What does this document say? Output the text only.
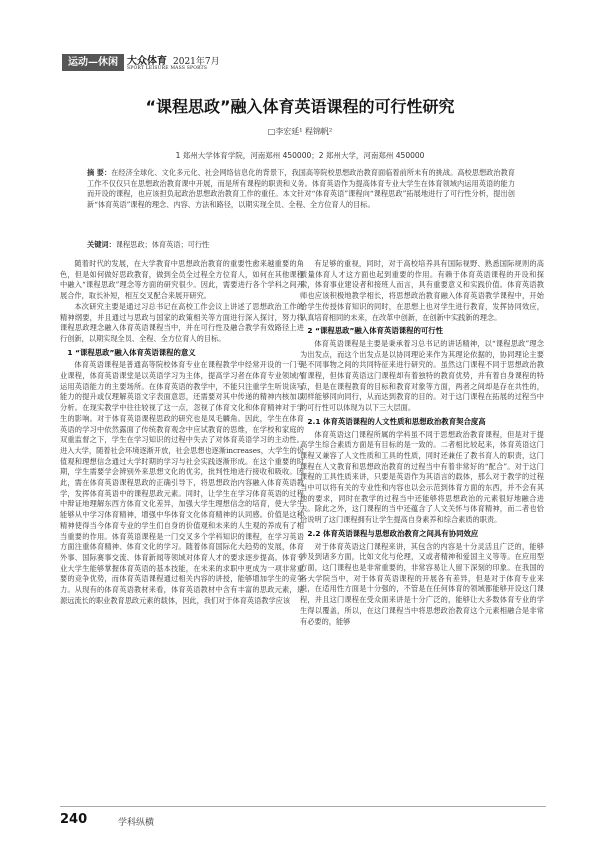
运动—休闲 大众体育 2021年7月
SPORT LEISURE MASS SPORTS
“课程思政”融入体育英语课程的可行性研究
□李宏延¹ 程锦帆²
1 郑州大学体育学院，河南郑州 450000；2 郑州大学，河南郑州 450000
摘 要：在经济全球化、文化多元化、社会网络信息化的背景下，我国高等院校思想政治教育面临着前所未有的挑战。高校思想政治教育工作不仅仅只在思想政治教育课中开展，而是所有课程的职责和义务。体育英语作为提高体育专业大学生在体育领域内运用英语的能力而开设的课程，也应该担负起政治思想政治教育工作的重任。本文针对“体育英语”课程向“课程思政”拓展地进行了可行性分析，提出创新“体育英语”课程的理念、内容、方法和路径，以期实现全员、全程、全方位育人的目标。
关键词：课程思政；体育英语；可行性

随着时代的发展，在大学教育中思想政治教育的重要性愈来越重要的角色，但是如何做好思政教育，做到全员全过程全方位育人，如何在其他课程中融入“课程思政”理念等方面的研究很少。因此，需要进行各个学科之间开展合作，取长补短，相互交叉配合来展开研究。

本次研究主要是通过习总书记在高校工作会议上讲述了思想政治工作的精神纲要，并且通过与思政与国家的政策相关等方面进行深入探讨，努力将课程思政理念融入体育英语课程当中，并在可行性及融合教学有效路径上进行创新，以期实现全员、全程、全方位育人的目标。

1 “课程思政”融入体育英语课程的意义

体育英语课程是普通高等院校体育专业在课程教学中经常开设的一门专业课程，体育英语课堂是以英语学习为主体，提高学习者在体育专业领域内运用英语能力的主要场所。在体育英语的教学中，不能只注重学生听说读写能力的提升或仅理解英语文字表面意思，还需要对其中传递的精神内核加以分析。在现实教学中往往较视了这一点，忽视了体育文化和体育精神对于学生的影响。对于体育英语课程思政的研究也是凤毛麟角。因此，学生在体育英语的学习中依然露面了传统教育观念中应试教育的思维，在学校和家庭的双重监督之下，学生在学习知识的过程中失去了对体育英语学习的主动性。进入大学，随着社会环境逐渐开放，社会思想也逐渐increases，大学生的价值观和理想信念通过大学时期的学习与社会实践逐渐形成。在这个重要的时期，学生需要学会辨别外来思想文化的优劣，批判性地进行接收和吸收。因此，需在体育英语课程思政的正确引导下，将思想政治内容融入体育英语教学，发挥体育英语中的课程思政元素。同时，让学生在学习体育英语的过程中辩证地理解东西方体育文化差异，加强大学生理想信念的培育，使大学生能够从中学习体育精神，增强中华体育文化体育精神的认同感。价值是这种精神使得当今体育专业的学生们自身的价值观和未来的人生观的养成有了相当重要的作用。体育英语课程是一门交叉多个学科知识的课程，在学习英语方面注重体育精神、体育文化的学习。随着体育国际化大趋势的发展，体育外事、国际赛事交流、体育新闻等领域对体育人才的要求逐步提高。体育专业大学生能够掌握体育英语的基本技能，在未来的求职中更成为一项非常重要的竞争优势，而体育英语课程通过相关内容的讲授，能够增加学生的竞争力。从现有的体育英语教材来看，体育英语教材中含有丰富的思政元素，是源远流长的职业教育思政元素的载体，因此，我们对于体育英语教学应该

有足够的重视，同时，对于高校培养具有国际视野、熟悉国际规则的高质量体育人才这方面也起到重要的作用。有赖于体育英语课程的开设和探索，体育事业建设者和接班人而言，具有重要意义和实践价值。体育英语教师也应该积极地教学相长，将思想政治教育融入体育英语教学课程中，开始给学生传授体育知识的同时，在思想上也对学生进行教育，发挥协同效应，认真培育相同的未来，在改革中创新，在创新中实践新的理念。

2 “课程思政”融入体育英语课程的可行性

体育英语课程是主要是秉承着习总书记的讲话精神，以“课程思政”理念为出发点，而这个出发点是以协同理论来作为其理论依据的，协同理论主要是不同事物之间的共同特征来进行研究的。虽然这门课程不同于思想政治教育课程，但体育英语这门课程却有着独特的教育优势，并有着自身课程的特点，但是在课程教育的目标和教育对象等方面，两者之间却是存在共性的，同样能够同向同行，从而达到教育的目的。对于这门课程在拓展的过程当中的可行性可以体现为以下三大层面。

2.1 体育英语课程的人文性质和思想政治教育契合度高

体育英语这门课程所属的学科虽不同于思想政治教育课程，但是对于提高学生综合素质方面是有目标的是一致的。二者相比较起来，体育英语这门课程又兼容了人文性质和工具的性质，同时还兼任了教书育人的职责，这门课程在人文教育和思想政治教育的过程当中有着非常好的“配合”。对于这门课程的工具性质来讲，只要是英语作为其语言的载体，那么对于教学的过程当中可以将有关的专业性和内容也以会示范到体育方面的东西，并不会有其他的要求，同时在教学的过程当中还能够将思想政治的元素很好地融合进去。除此之外，这门课程的当中还蕴含了人文关怀与体育精神，而二者也恰恰说明了这门课程拥有让学生提高自身素养和综合素质的职责。

2.2 体育英语课程与思想政治教育之间具有协同效应

对于体育英语这门课程来讲，其包含的内容是十分灵活且广泛的，能够涉及到诸多方面，比如文化与伦理，又或者精神和爱国主义等等。在应用型方面，这门课程也是非常重要的，非常容易让人留下深刻的印象。在我国的各大学院当中，对于体育英语课程的开展各有差异，但是对于体育专业来说，在适用性方面是十分强的，不管是在任何体育的领域都能够开设这门课程，并且这门课程在受众面来讲是十分广泛的，能够让大多数体育专业的学生得以覆盖，所以，在这门课程当中将思想政治教育这个元素相融合是非常有必要的，能够

240	学科纵横
